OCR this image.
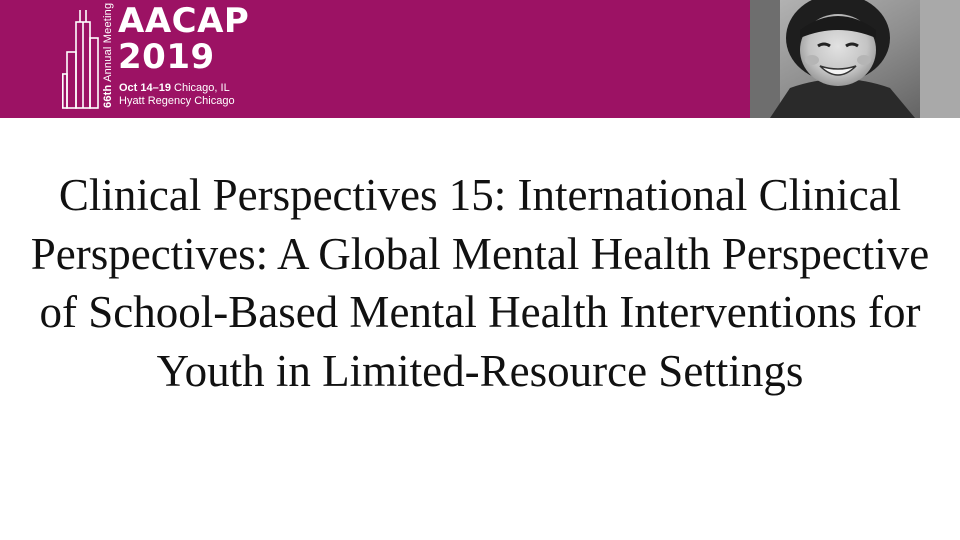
66th Annual Meeting AACAP
2019
Oct 14–19 Chicago, IL
Hyatt Regency Chicago
Clinical Perspectives 15: International Clinical Perspectives: A Global Mental Health Perspective of School-Based Mental Health Interventions for Youth in Limited-Resource Settings
